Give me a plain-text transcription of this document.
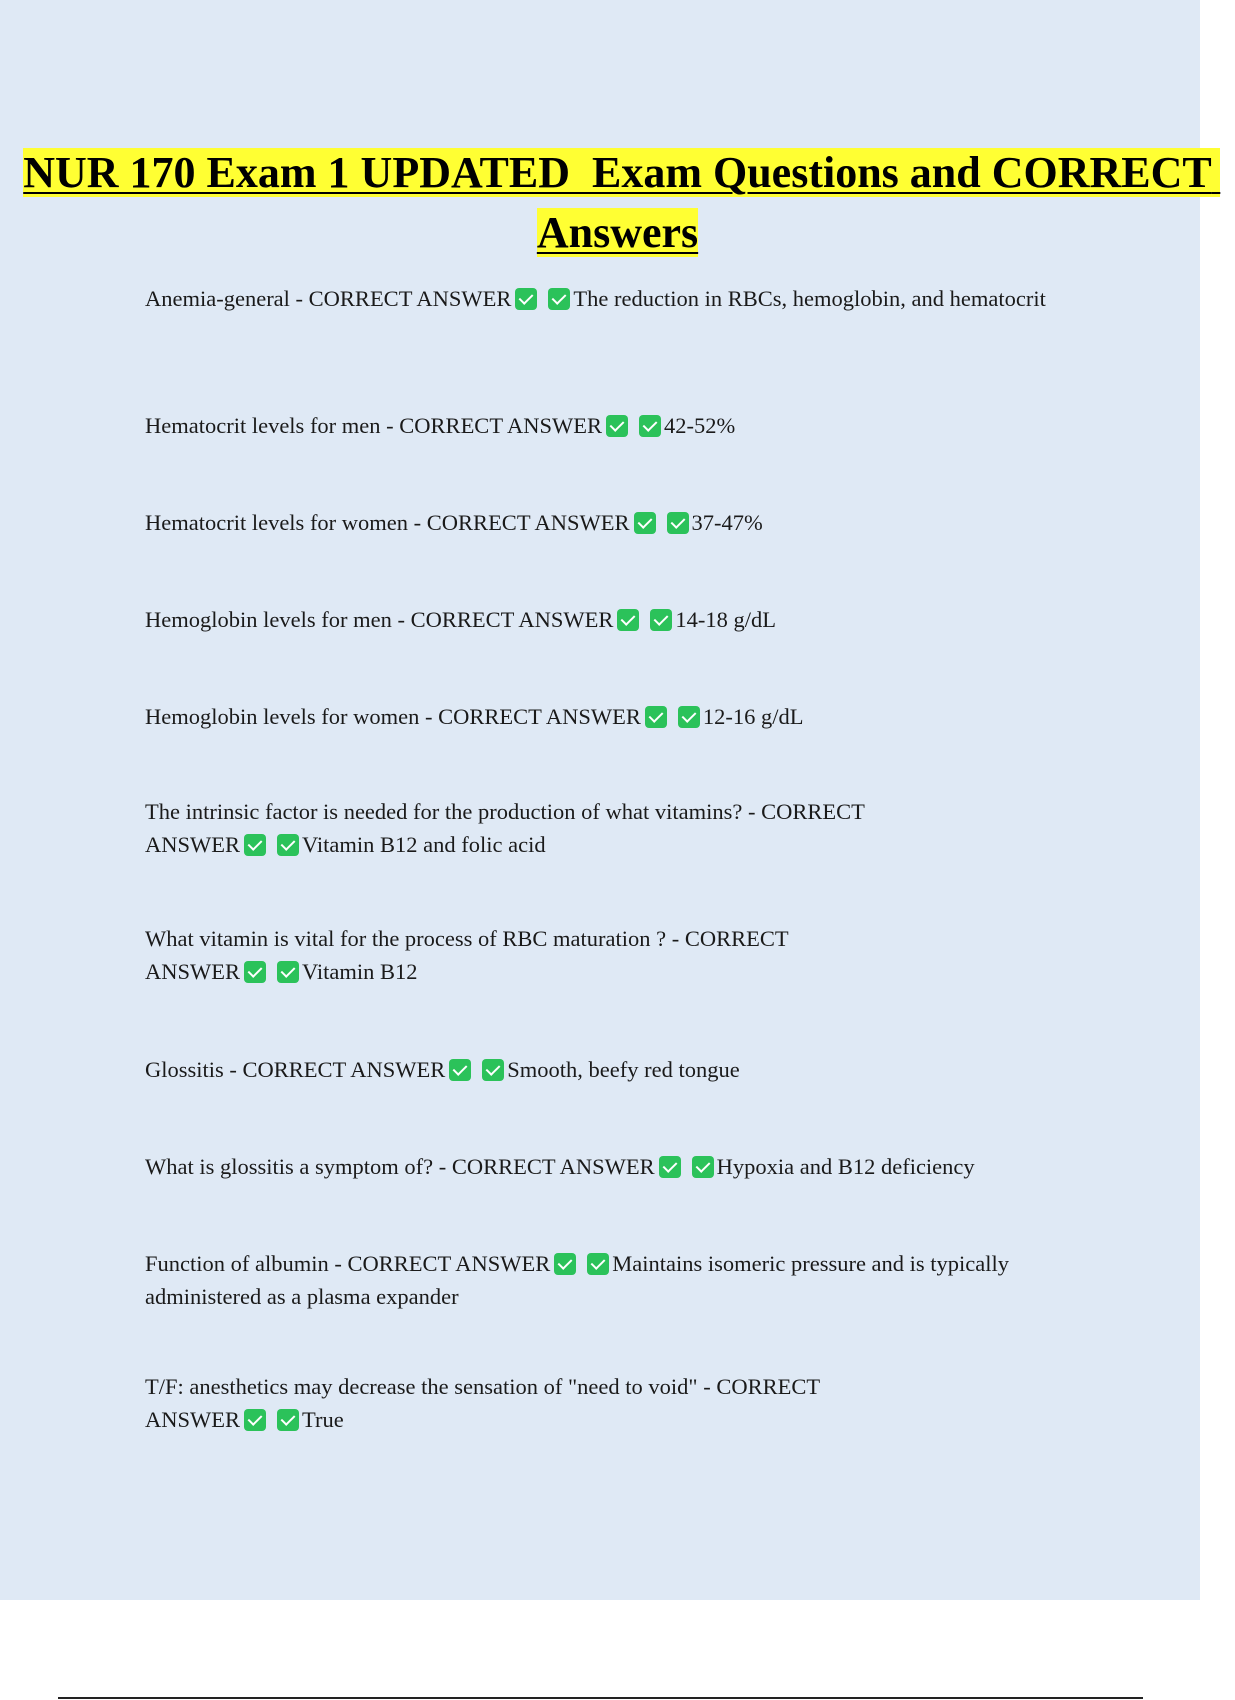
NUR 170 Exam 1 UPDATED  Exam Questions and CORRECT Answers
Anemia-general - CORRECT ANSWER	The reduction in RBCs, hemoglobin, and hematocrit
Hematocrit levels for men - CORRECT ANSWER	42-52%
Hematocrit levels for women - CORRECT ANSWER	37-47%
Hemoglobin levels for men - CORRECT ANSWER	14-18 g/dL
Hemoglobin levels for women - CORRECT ANSWER	12-16 g/dL
The intrinsic factor is needed for the production of what vitamins? - CORRECT ANSWER	Vitamin B12 and folic acid
What vitamin is vital for the process of RBC maturation ? - CORRECT ANSWER	Vitamin B12
Glossitis - CORRECT ANSWER	Smooth, beefy red tongue
What is glossitis a symptom of? - CORRECT ANSWER	Hypoxia and B12 deficiency
Function of albumin - CORRECT ANSWER	Maintains isomeric pressure and is typically administered as a plasma expander
T/F: anesthetics may decrease the sensation of "need to void" - CORRECT ANSWER	True
